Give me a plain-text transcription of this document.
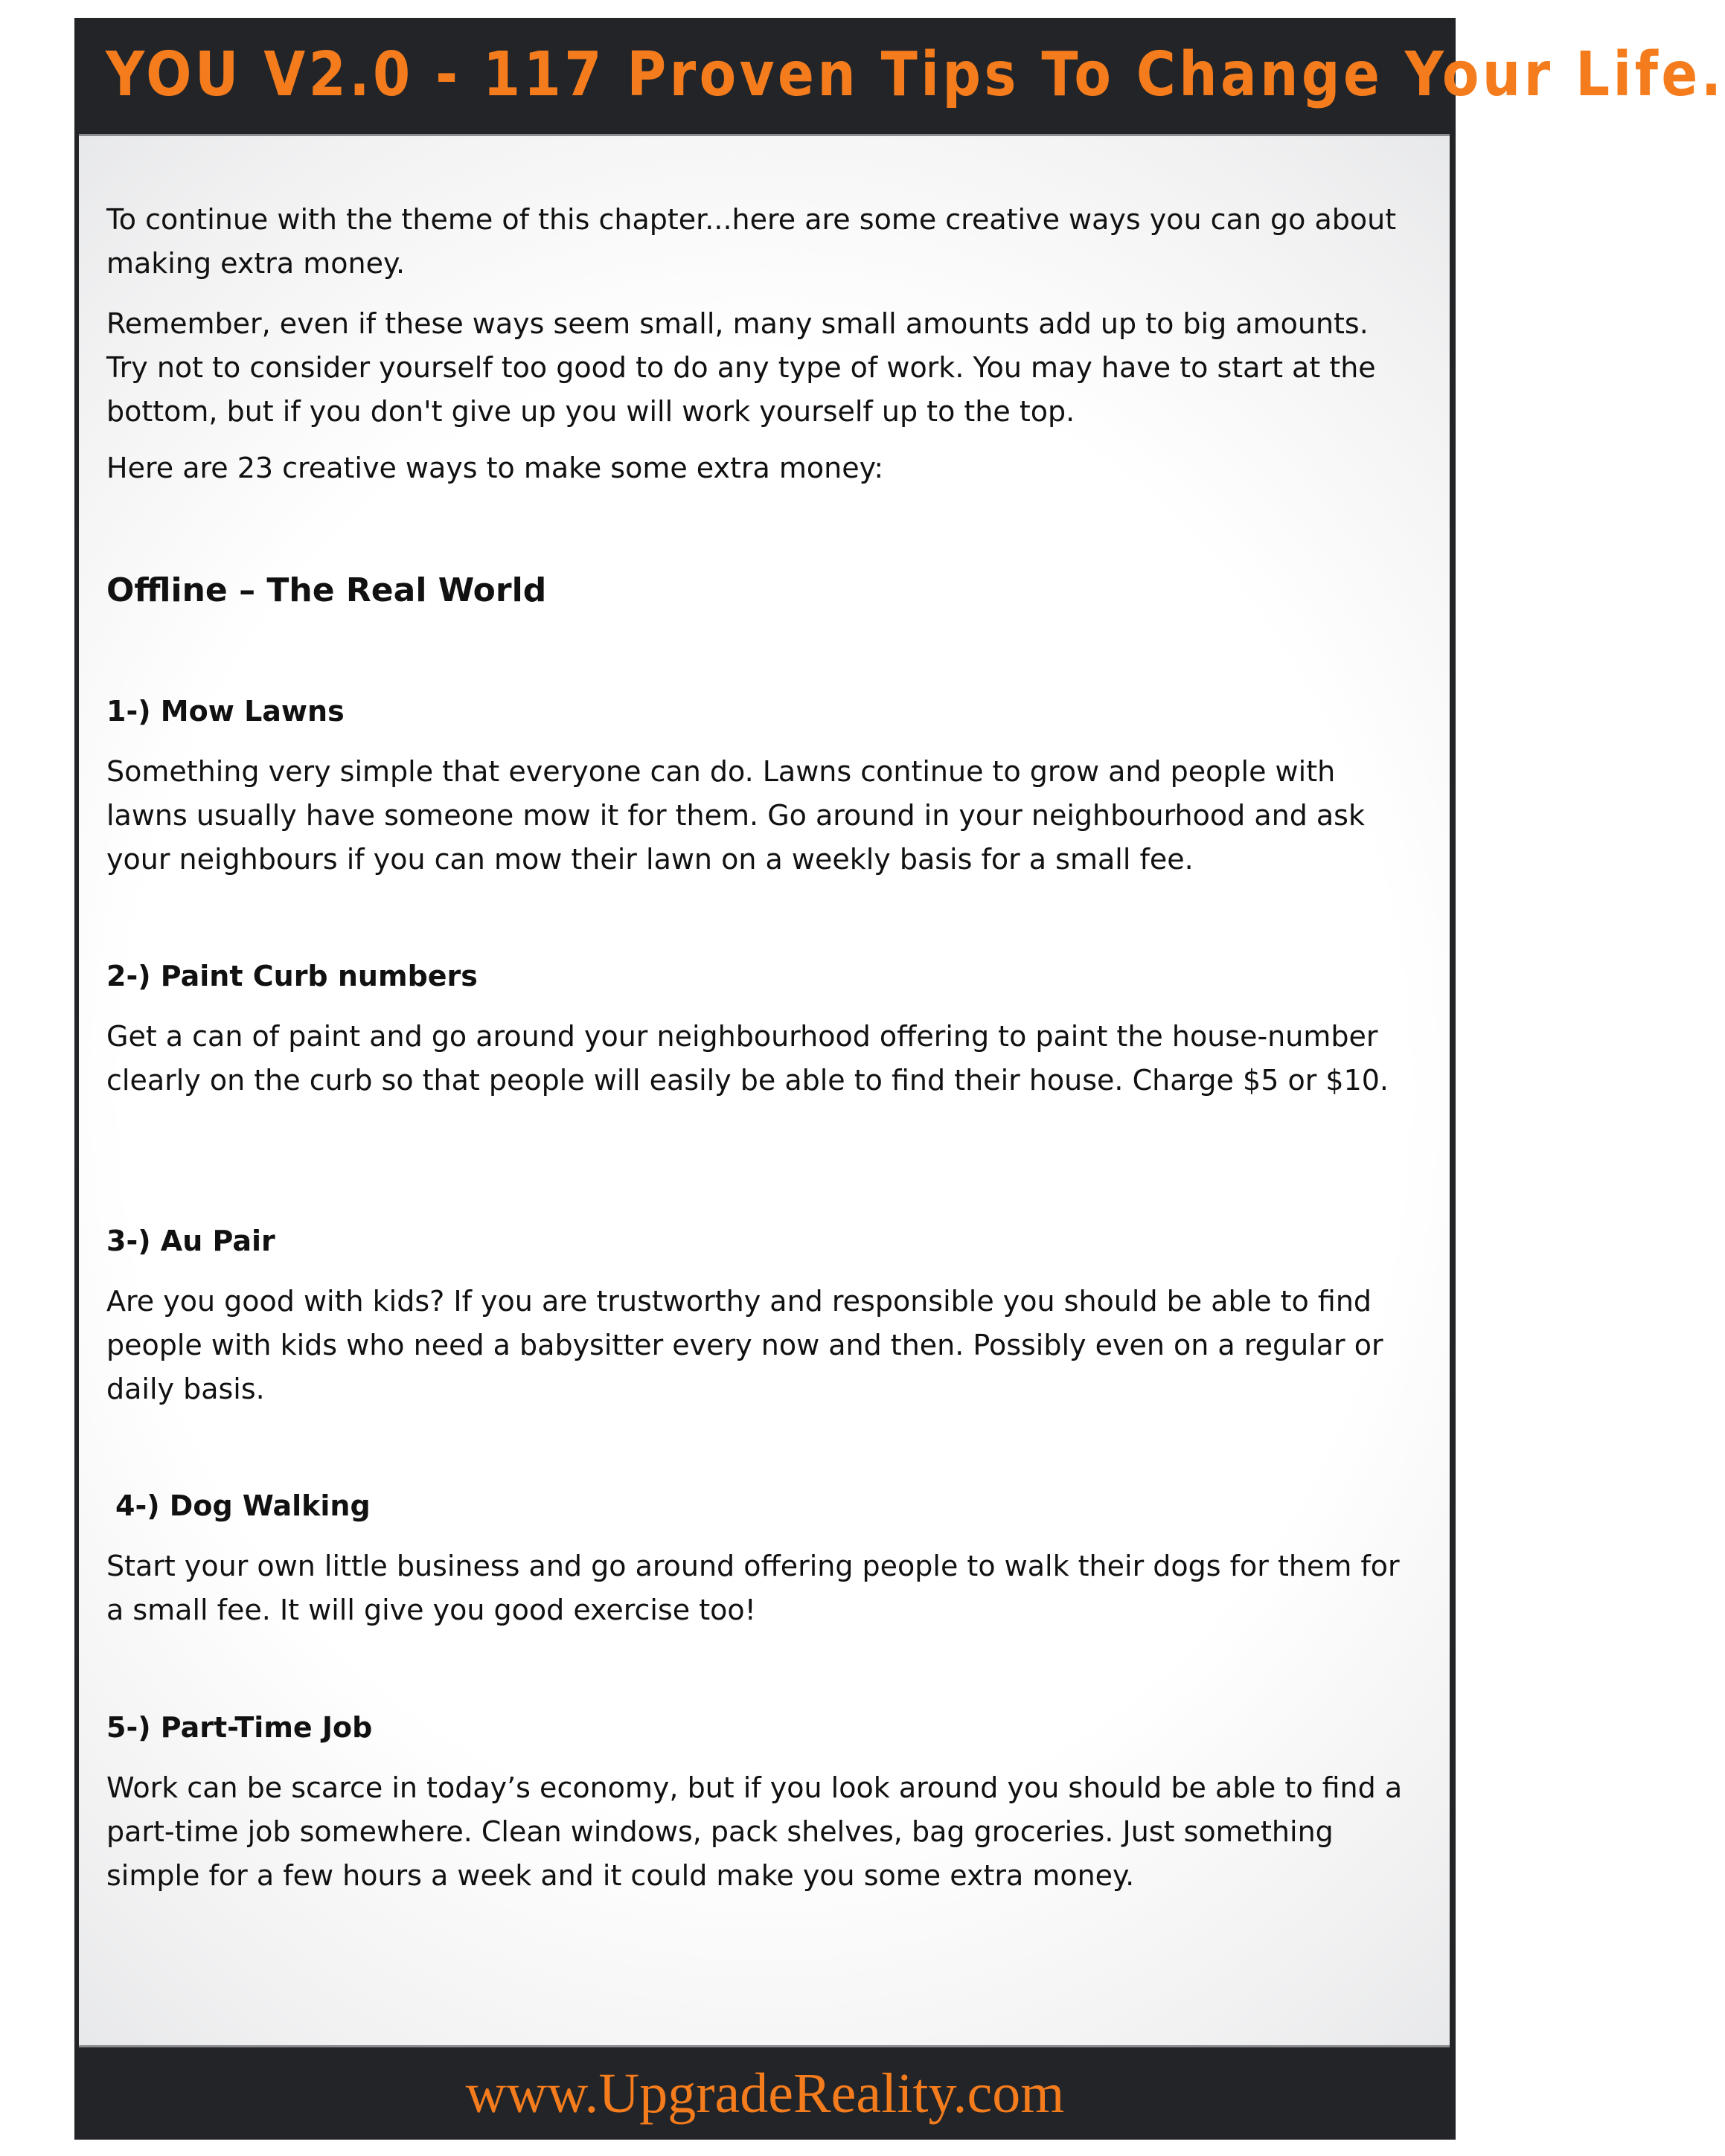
YOU V2.0 - 117 Proven Tips To Change Your Life.
www.UpgradeReality.com

To continue with the theme of this chapter...here are some creative ways you can go about making extra money.

Remember, even if these ways seem small, many small amounts add up to big amounts. Try not to consider yourself too good to do any type of work. You may have to start at the bottom, but if you don't give up you will work yourself up to the top.

Here are 23 creative ways to make some extra money:

Offline – The Real World
1-) Mow Lawns

Something very simple that everyone can do. Lawns continue to grow and people with lawns usually have someone mow it for them. Go around in your neighbourhood and ask your neighbours if you can mow their lawn on a weekly basis for a small fee.

2-) Paint Curb numbers

Get a can of paint and go around your neighbourhood offering to paint the house-number clearly on the curb so that people will easily be able to find their house. Charge $5 or $10.

3-) Au Pair

Are you good with kids? If you are trustworthy and responsible you should be able to find people with kids who need a babysitter every now and then. Possibly even on a regular or daily basis.

4-) Dog Walking

Start your own little business and go around offering people to walk their dogs for them for a small fee. It will give you good exercise too!

5-) Part-Time Job

Work can be scarce in today’s economy, but if you look around you should be able to find a part-time job somewhere. Clean windows, pack shelves, bag groceries. Just something simple for a few hours a week and it could make you some extra money.
